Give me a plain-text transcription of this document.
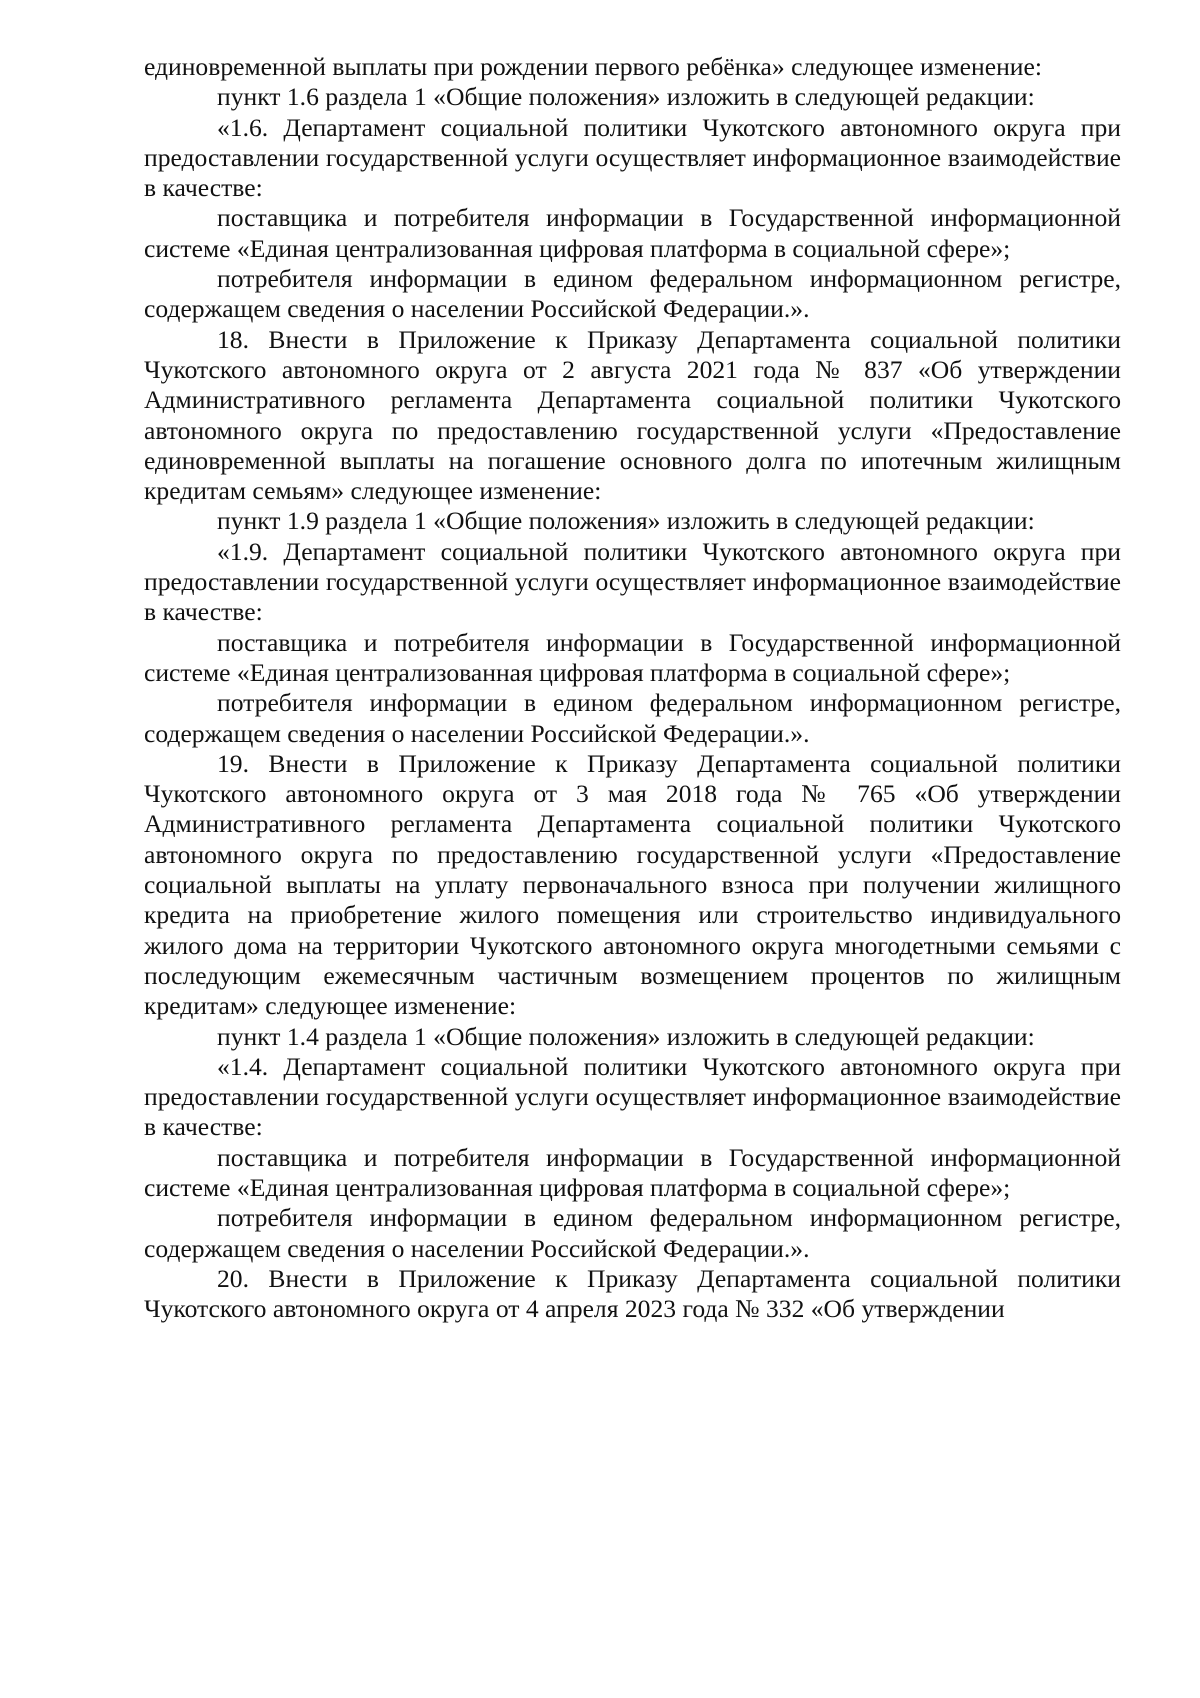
единовременной выплаты при рождении первого ребёнка» следующее изменение:

пункт 1.6 раздела 1 «Общие положения» изложить в следующей редакции:

«1.6. Департамент социальной политики Чукотского автономного округа при предоставлении государственной услуги осуществляет информационное взаимодействие в качестве:

поставщика и потребителя информации в Государственной информационной системе «Единая централизованная цифровая платформа в социальной сфере»;

потребителя информации в едином федеральном информационном регистре, содержащем сведения о населении Российской Федерации.».

18. Внести в Приложение к Приказу Департамента социальной политики Чукотского автономного округа от 2 августа 2021 года № 837 «Об утверждении Административного регламента Департамента социальной политики Чукотского автономного округа по предоставлению государственной услуги «Предоставление единовременной выплаты на погашение основного долга по ипотечным жилищным кредитам семьям» следующее изменение:

пункт 1.9 раздела 1 «Общие положения» изложить в следующей редакции:

«1.9. Департамент социальной политики Чукотского автономного округа при предоставлении государственной услуги осуществляет информационное взаимодействие в качестве:

поставщика и потребителя информации в Государственной информационной системе «Единая централизованная цифровая платформа в социальной сфере»;

потребителя информации в едином федеральном информационном регистре, содержащем сведения о населении Российской Федерации.».

19. Внести в Приложение к Приказу Департамента социальной политики Чукотского автономного округа от 3 мая 2018 года № 765 «Об утверждении Административного регламента Департамента социальной политики Чукотского автономного округа по предоставлению государственной услуги «Предоставление социальной выплаты на уплату первоначального взноса при получении жилищного кредита на приобретение жилого помещения или строительство индивидуального жилого дома на территории Чукотского автономного округа многодетными семьями с последующим ежемесячным частичным возмещением процентов по жилищным кредитам» следующее изменение:

пункт 1.4 раздела 1 «Общие положения» изложить в следующей редакции:

«1.4. Департамент социальной политики Чукотского автономного округа при предоставлении государственной услуги осуществляет информационное взаимодействие в качестве:

поставщика и потребителя информации в Государственной информационной системе «Единая централизованная цифровая платформа в социальной сфере»;

потребителя информации в едином федеральном информационном регистре, содержащем сведения о населении Российской Федерации.».

20. Внести в Приложение к Приказу Департамента социальной политики Чукотского автономного округа от 4 апреля 2023 года № 332 «Об утверждении
